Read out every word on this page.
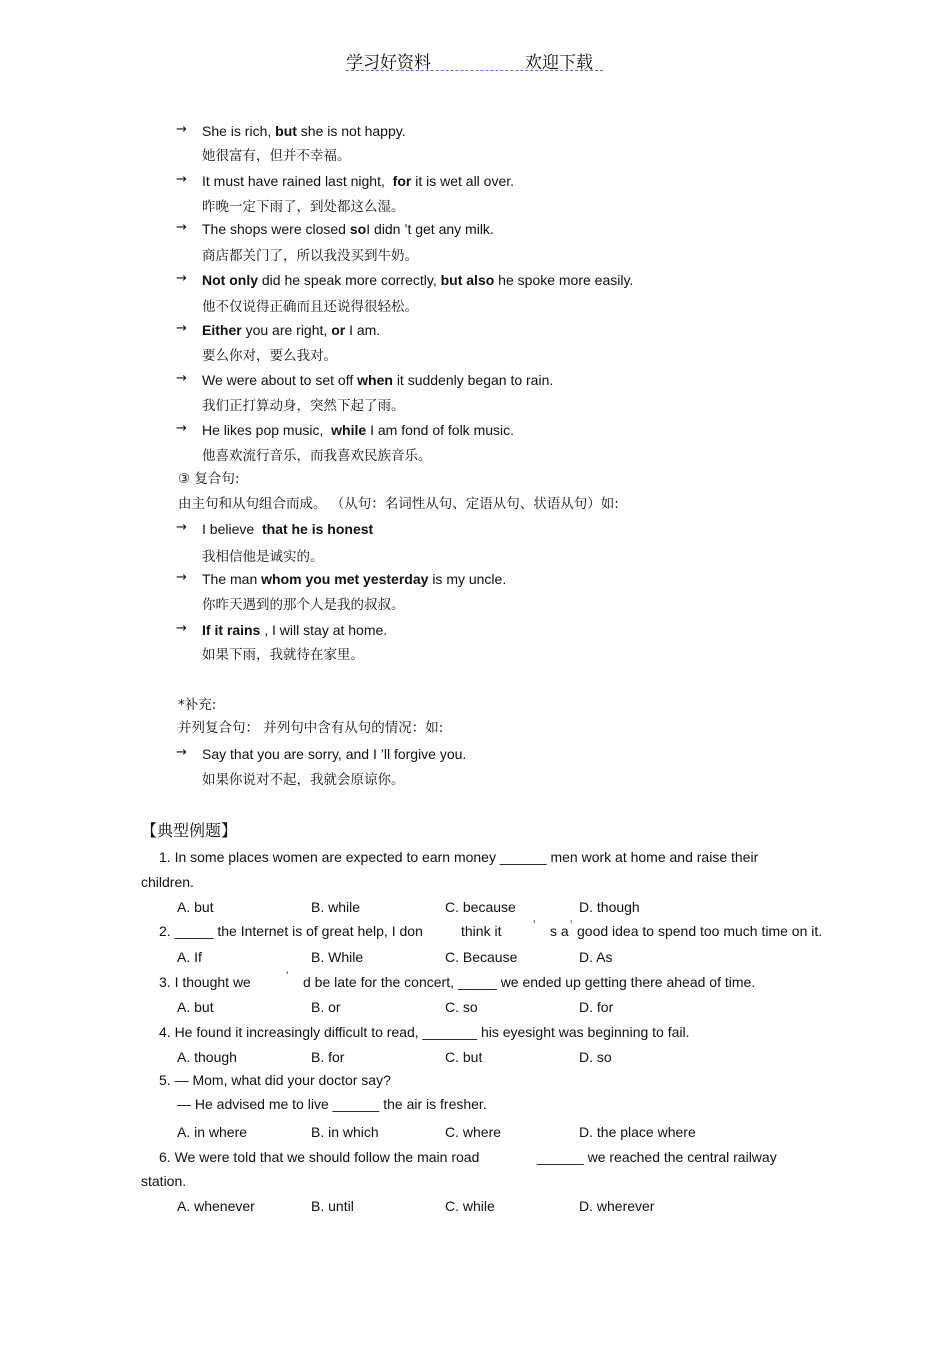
学习好资料	欢迎下载
→ She is rich, but she is not happy.
她很富有，但并不幸福。
→ It must have rained last night, for it is wet all over.
昨晚一定下雨了，到处都这么湿。
→ The shops were closed soI didn ’t get any milk.
商店都关门了，所以我没买到牛奶。
→ Not only did he speak more correctly, but also he spoke more easily.
他不仅说得正确而且还说得很轻松。
→ Either you are right, or I am.
要么你对，要么我对。
→ We were about to set off when it suddenly began to rain.
我们正打算动身，突然下起了雨。
→ He likes pop music, while I am fond of folk music.
他喜欢流行音乐，而我喜欢民族音乐。
③ 复合句:
由主句和从句组合而成。 （从句：名词性从句、定语从句、状语从句）如:
→ I believe that he is honest
我相信他是诚实的。
→ The man whom you met yesterday is my uncle.
你昨天遇到的那个人是我的叔叔。
→ If it rains , I will stay at home.
如果下雨，我就待在家里。
*补充:
并列复合句： 并列句中含有从句的情况：如:
→ Say that you are sorry, and I ’ll forgive you.
如果你说对不起，我就会原谅你。
【典型例题】
1. In some places women are expected to earn money ______ men work at home and raise their
children.
A. but	B. while	C. because	D. though
2. _____ the Internet is of great help, I don	think it	’ s a ’ good idea to spend too much time on it.
A. If	B. While	C. Because	D. As
3. I thought we	’ d be late for the concert, _____ we ended up getting there ahead of time.
A. but	B. or	C. so	D. for
4. He found it increasingly difficult to read, _______ his eyesight was beginning to fail.
A. though	B. for	C. but	D. so
5. — Mom, what did your doctor say?
— He advised me to live ______ the air is fresher.
A. in where	B. in which	C. where	D. the place where
6. We were told that we should follow the main road	______ we reached the central railway
station.
A. whenever	B. until	C. while	D. wherever
